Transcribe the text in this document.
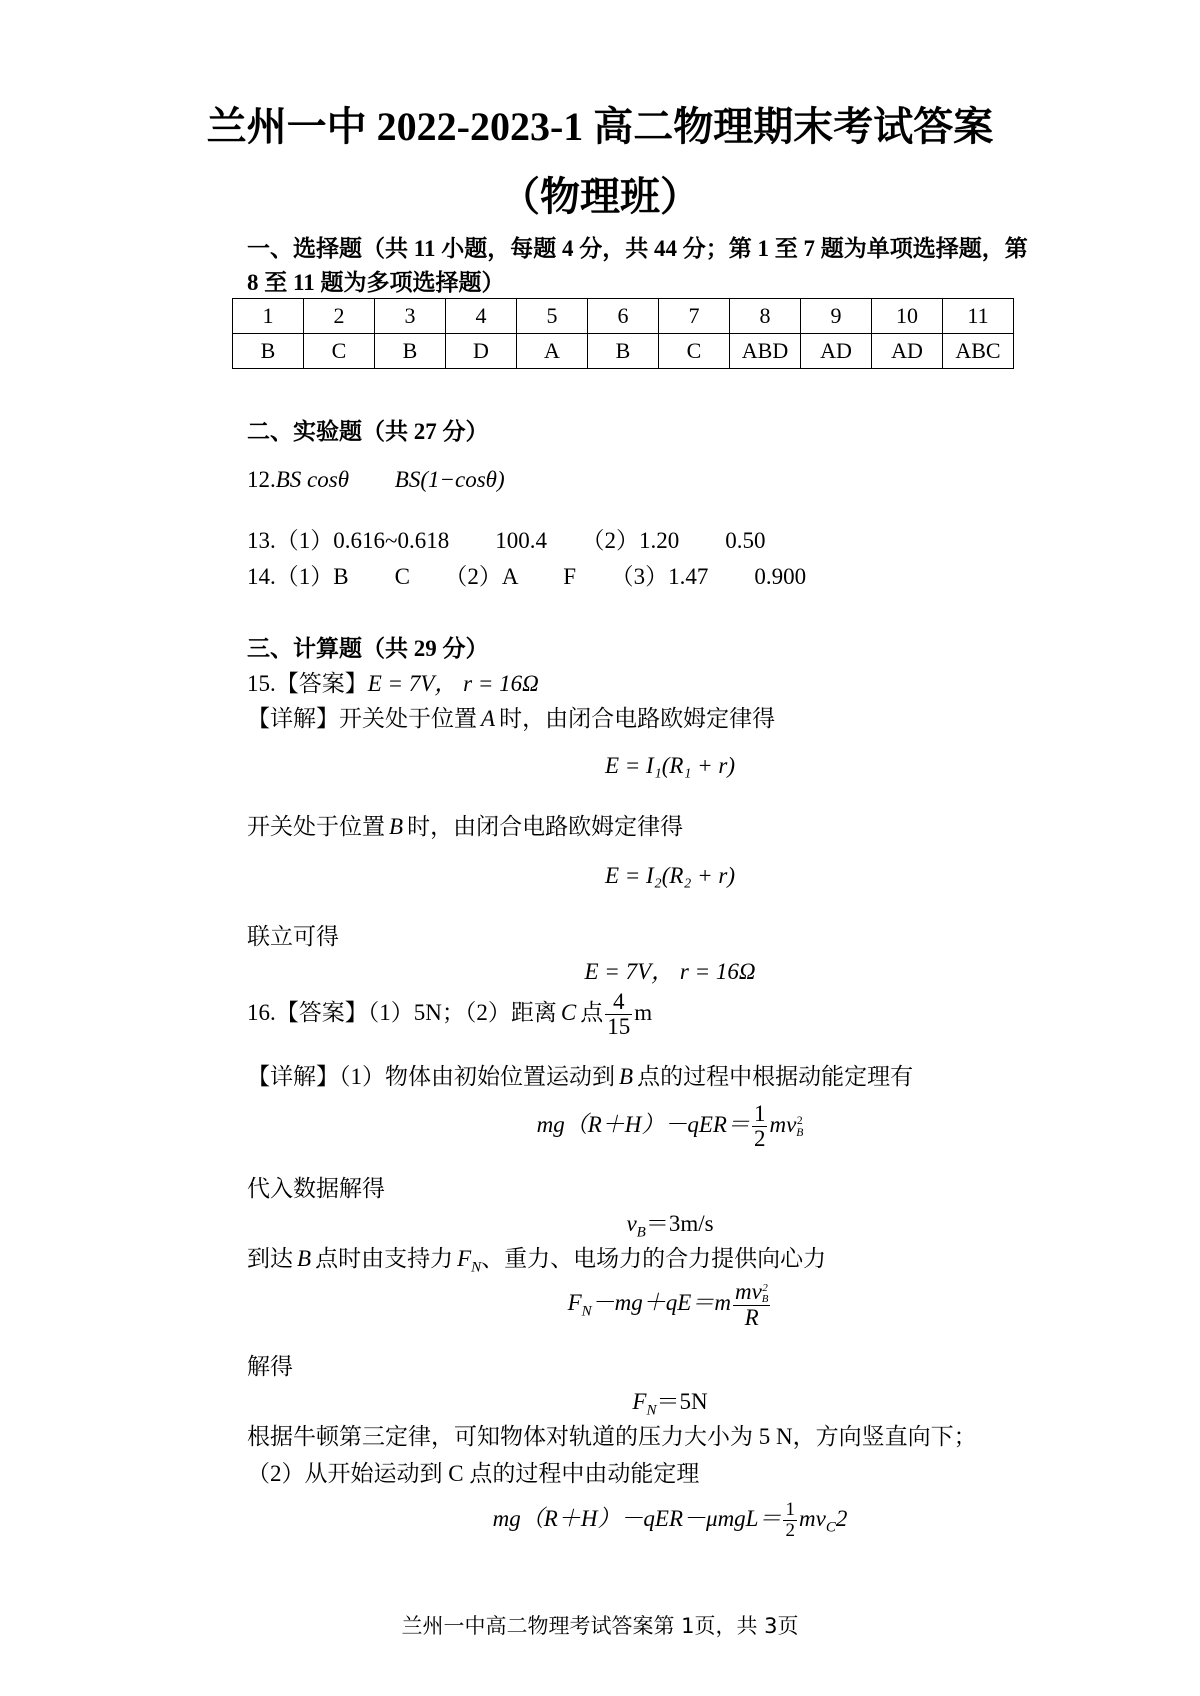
兰州一中 2022-2023-1 高二物理期末考试答案
（物理班）
一、选择题（共 11 小题，每题 4 分，共 44 分；第 1 至 7 题为单项选择题，第
8 至 11 题为多项选择题）
1	2	3	4	5	6	7	8	9	10	11
B	C	B	D	A	B	C	ABD	AD	AD	ABC
二、实验题（共 27 分）
12.BS cosθ BS(1−cosθ)
13.（1）0.616~0.618　　100.4　　（2）1.20　　0.50
14.（1）B　　C　　（2）A　　F　　（3）1.47　　0.900
三、计算题（共 29 分）
15.【答案】E = 7V， r = 16Ω
【详解】开关处于位置 A 时，由闭合电路欧姆定律得
E = I₁(R₁ + r)
开关处于位置 B 时，由闭合电路欧姆定律得
E = I₂(R₂ + r)
联立可得
E = 7V， r = 16Ω
16.【答案】（1）5N；（2）距离 C 点 $\frac{4}{15}$ m
【详解】（1）物体由初始位置运动到 B 点的过程中根据动能定理有
$mg(R+H)-qER= \frac{1}{2}$ mv 2
B
代入数据解得
$v_B=3m/s$
到达 B 点时由支持力 $F_N$、重力、电场力的合力提供向心力
$F_N-mg+qE=m$ mv 2
B
R
解得
$F_N=5N$
根据牛顿第三定律，可知物体对轨道的压力大小为 5 N，方向竖直向下；
（2）从开始运动到 C 点的过程中由动能定理
$mg(R+H)-qER-\mu mgL= \frac{1}{2} mv_C2$
兰州一中高二物理考试答案第 1页，共 3页
